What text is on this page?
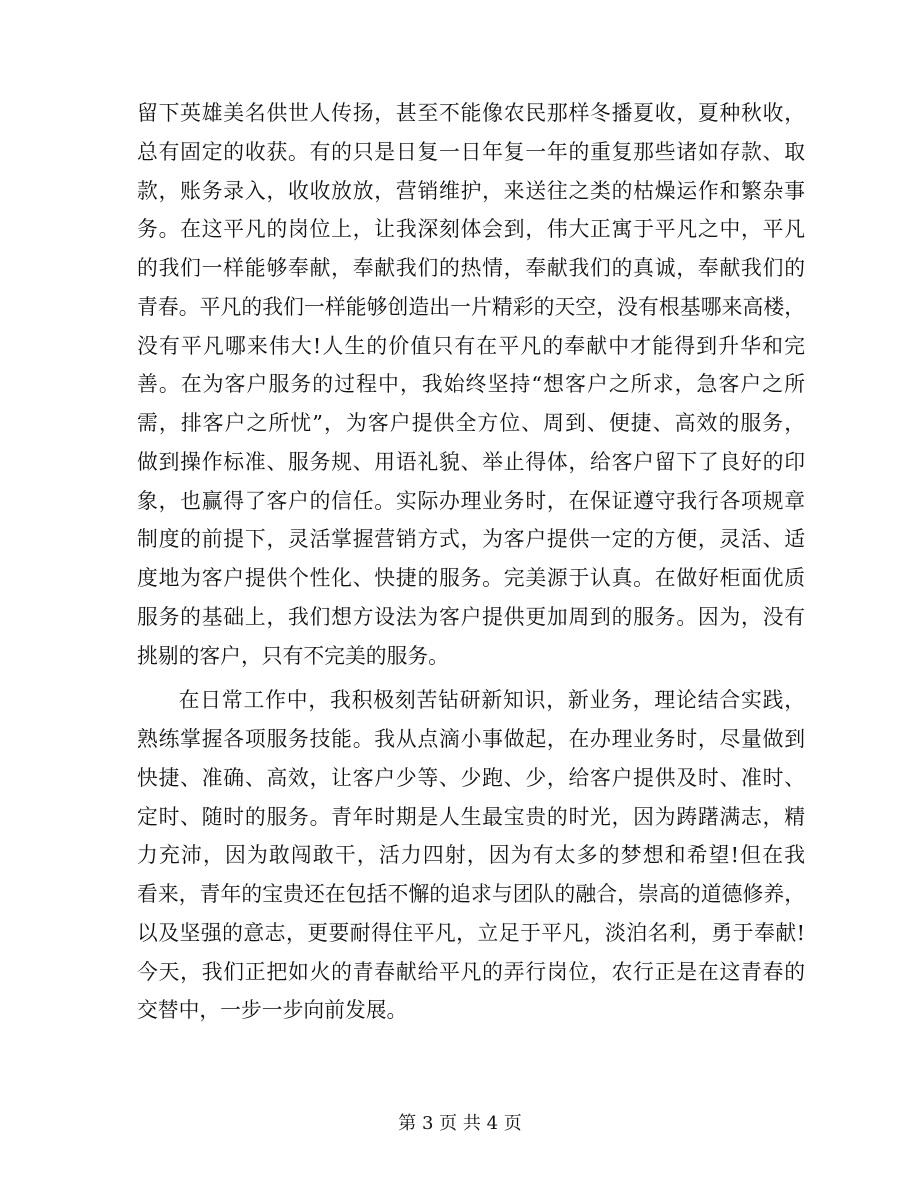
留下英雄美名供世人传扬，甚至不能像农民那样冬播夏收，夏种秋收，
总有固定的收获。有的只是日复一日年复一年的重复那些诸如存款、取
款，账务录入，收收放放，营销维护，来送往之类的枯燥运作和繁杂事
务。在这平凡的岗位上，让我深刻体会到，伟大正寓于平凡之中，平凡
的我们一样能够奉献，奉献我们的热情，奉献我们的真诚，奉献我们的
青春。平凡的我们一样能够创造出一片精彩的天空，没有根基哪来高楼，
没有平凡哪来伟大!人生的价值只有在平凡的奉献中才能得到升华和完
善。在为客户服务的过程中，我始终坚持“想客户之所求，急客户之所
需，排客户之所忧”，为客户提供全方位、周到、便捷、高效的服务，
做到操作标准、服务规、用语礼貌、举止得体，给客户留下了良好的印
象，也赢得了客户的信任。实际办理业务时，在保证遵守我行各项规章
制度的前提下，灵活掌握营销方式，为客户提供一定的方便，灵活、适
度地为客户提供个性化、快捷的服务。完美源于认真。在做好柜面优质
服务的基础上，我们想方设法为客户提供更加周到的服务。因为，没有
挑剔的客户，只有不完美的服务。
在日常工作中，我积极刻苦钻研新知识，新业务，理论结合实践，
熟练掌握各项服务技能。我从点滴小事做起，在办理业务时，尽量做到
快捷、准确、高效，让客户少等、少跑、少，给客户提供及时、准时、
定时、随时的服务。青年时期是人生最宝贵的时光，因为踌躇满志，精
力充沛，因为敢闯敢干，活力四射，因为有太多的梦想和希望!但在我
看来，青年的宝贵还在包括不懈的追求与团队的融合，崇高的道德修养，
以及坚强的意志，更要耐得住平凡，立足于平凡，淡泊名利，勇于奉献!
今天，我们正把如火的青春献给平凡的弄行岗位，农行正是在这青春的
交替中，一步一步向前发展。
第 3 页 共 4 页
